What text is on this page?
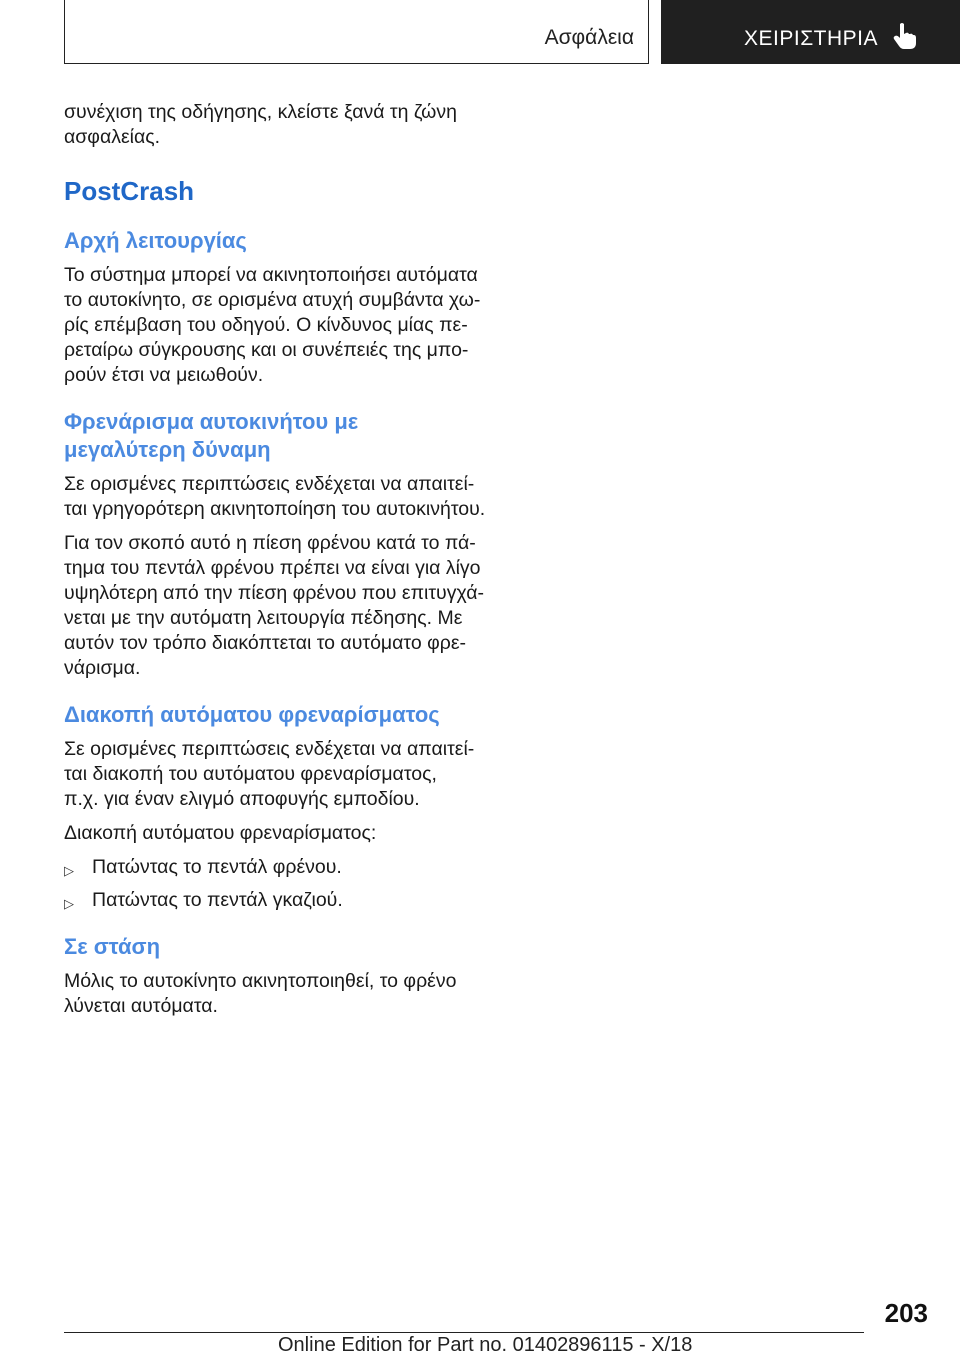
Ασφάλεια	ΧΕΙΡΙΣΤΗΡΙΑ

συνέχιση της οδήγησης, κλείστε ξανά τη ζώνη
ασφαλείας.

PostCrash
Αρχή λειτουργίας

Το σύστημα μπορεί να ακινητοποιήσει αυτόματα
το αυτοκίνητο, σε ορισμένα ατυχή συμβάντα χω-
ρίς επέμβαση του οδηγού. Ο κίνδυνος μίας πε-
ρεταίρω σύγκρουσης και οι συνέπειές της μπο-
ρούν έτσι να μειωθούν.

Φρενάρισμα αυτοκινήτου με
μεγαλύτερη δύναμη

Σε ορισμένες περιπτώσεις ενδέχεται να απαιτεί-
ται γρηγορότερη ακινητοποίηση του αυτοκινήτου.

Για τον σκοπό αυτό η πίεση φρένου κατά το πά-
τημα του πεντάλ φρένου πρέπει να είναι για λίγο
υψηλότερη από την πίεση φρένου που επιτυγχά-
νεται με την αυτόματη λειτουργία πέδησης. Με
αυτόν τον τρόπο διακόπτεται το αυτόματο φρε-
νάρισμα.

Διακοπή αυτόματου φρεναρίσματος

Σε ορισμένες περιπτώσεις ενδέχεται να απαιτεί-
ται διακοπή του αυτόματου φρεναρίσματος,
π.χ. για έναν ελιγμό αποφυγής εμποδίου.

Διακοπή αυτόματου φρεναρίσματος:

▷ Πατώντας το πεντάλ φρένου.

▷ Πατώντας το πεντάλ γκαζιού.

Σε στάση

Μόλις το αυτοκίνητο ακινητοποιηθεί, το φρένο
λύνεται αυτόματα.

203
Online Edition for Part no. 01402896115 - X/18
